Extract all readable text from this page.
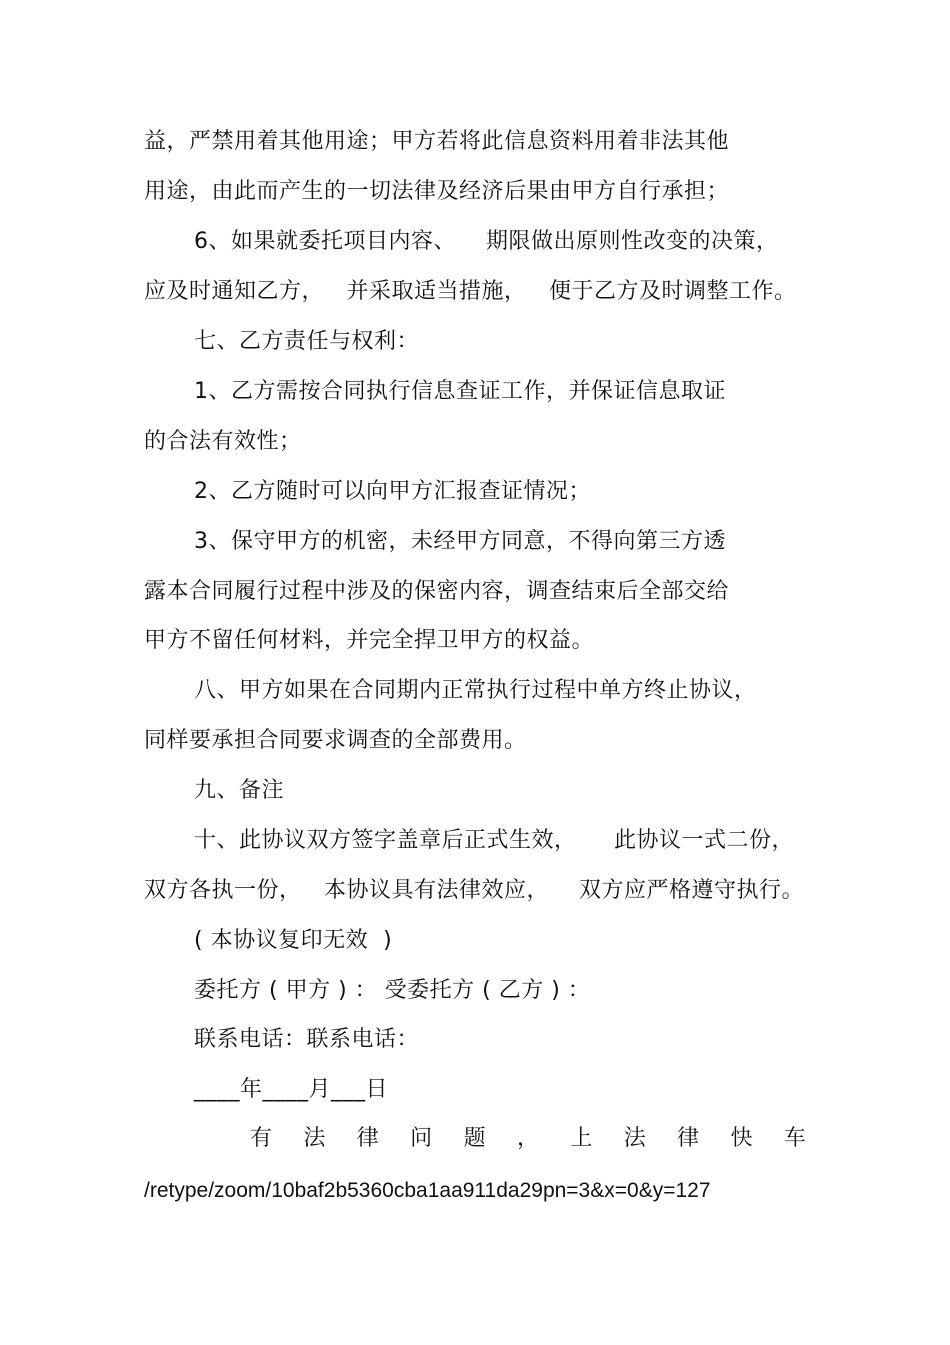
益，严禁用着其他用途；甲方若将此信息资料用着非法其他
用途，由此而产生的一切法律及经济后果由甲方自行承担；
6、如果就委托项目内容、    期限做出原则性改变的决策，
应及时通知乙方，   并采取适当措施，   便于乙方及时调整工作。
七、乙方责任与权利：
1、乙方需按合同执行信息查证工作，并保证信息取证
的合法有效性；
2、乙方随时可以向甲方汇报查证情况；
3、保守甲方的机密，未经甲方同意，不得向第三方透
露本合同履行过程中涉及的保密内容，调查结束后全部交给
甲方不留任何材料，并完全捍卫甲方的权益。
八、甲方如果在合同期内正常执行过程中单方终止协议，
同样要承担合同要求调查的全部费用。
九、备注
十、此协议双方签字盖章后正式生效，     此协议一式二份，
双方各执一份，   本协议具有法律效应，    双方应严格遵守执行。
( 本协议复印无效  )
委托方 ( 甲方 ) ： 受委托方 ( 乙方 ) ：
联系电话：联系电话：
____年____月___日
有 法 律 问 题 ， 上 法 律 快 车
/retype/zoom/10baf2b5360cba1aa911da29pn=3&x=0&y=127
